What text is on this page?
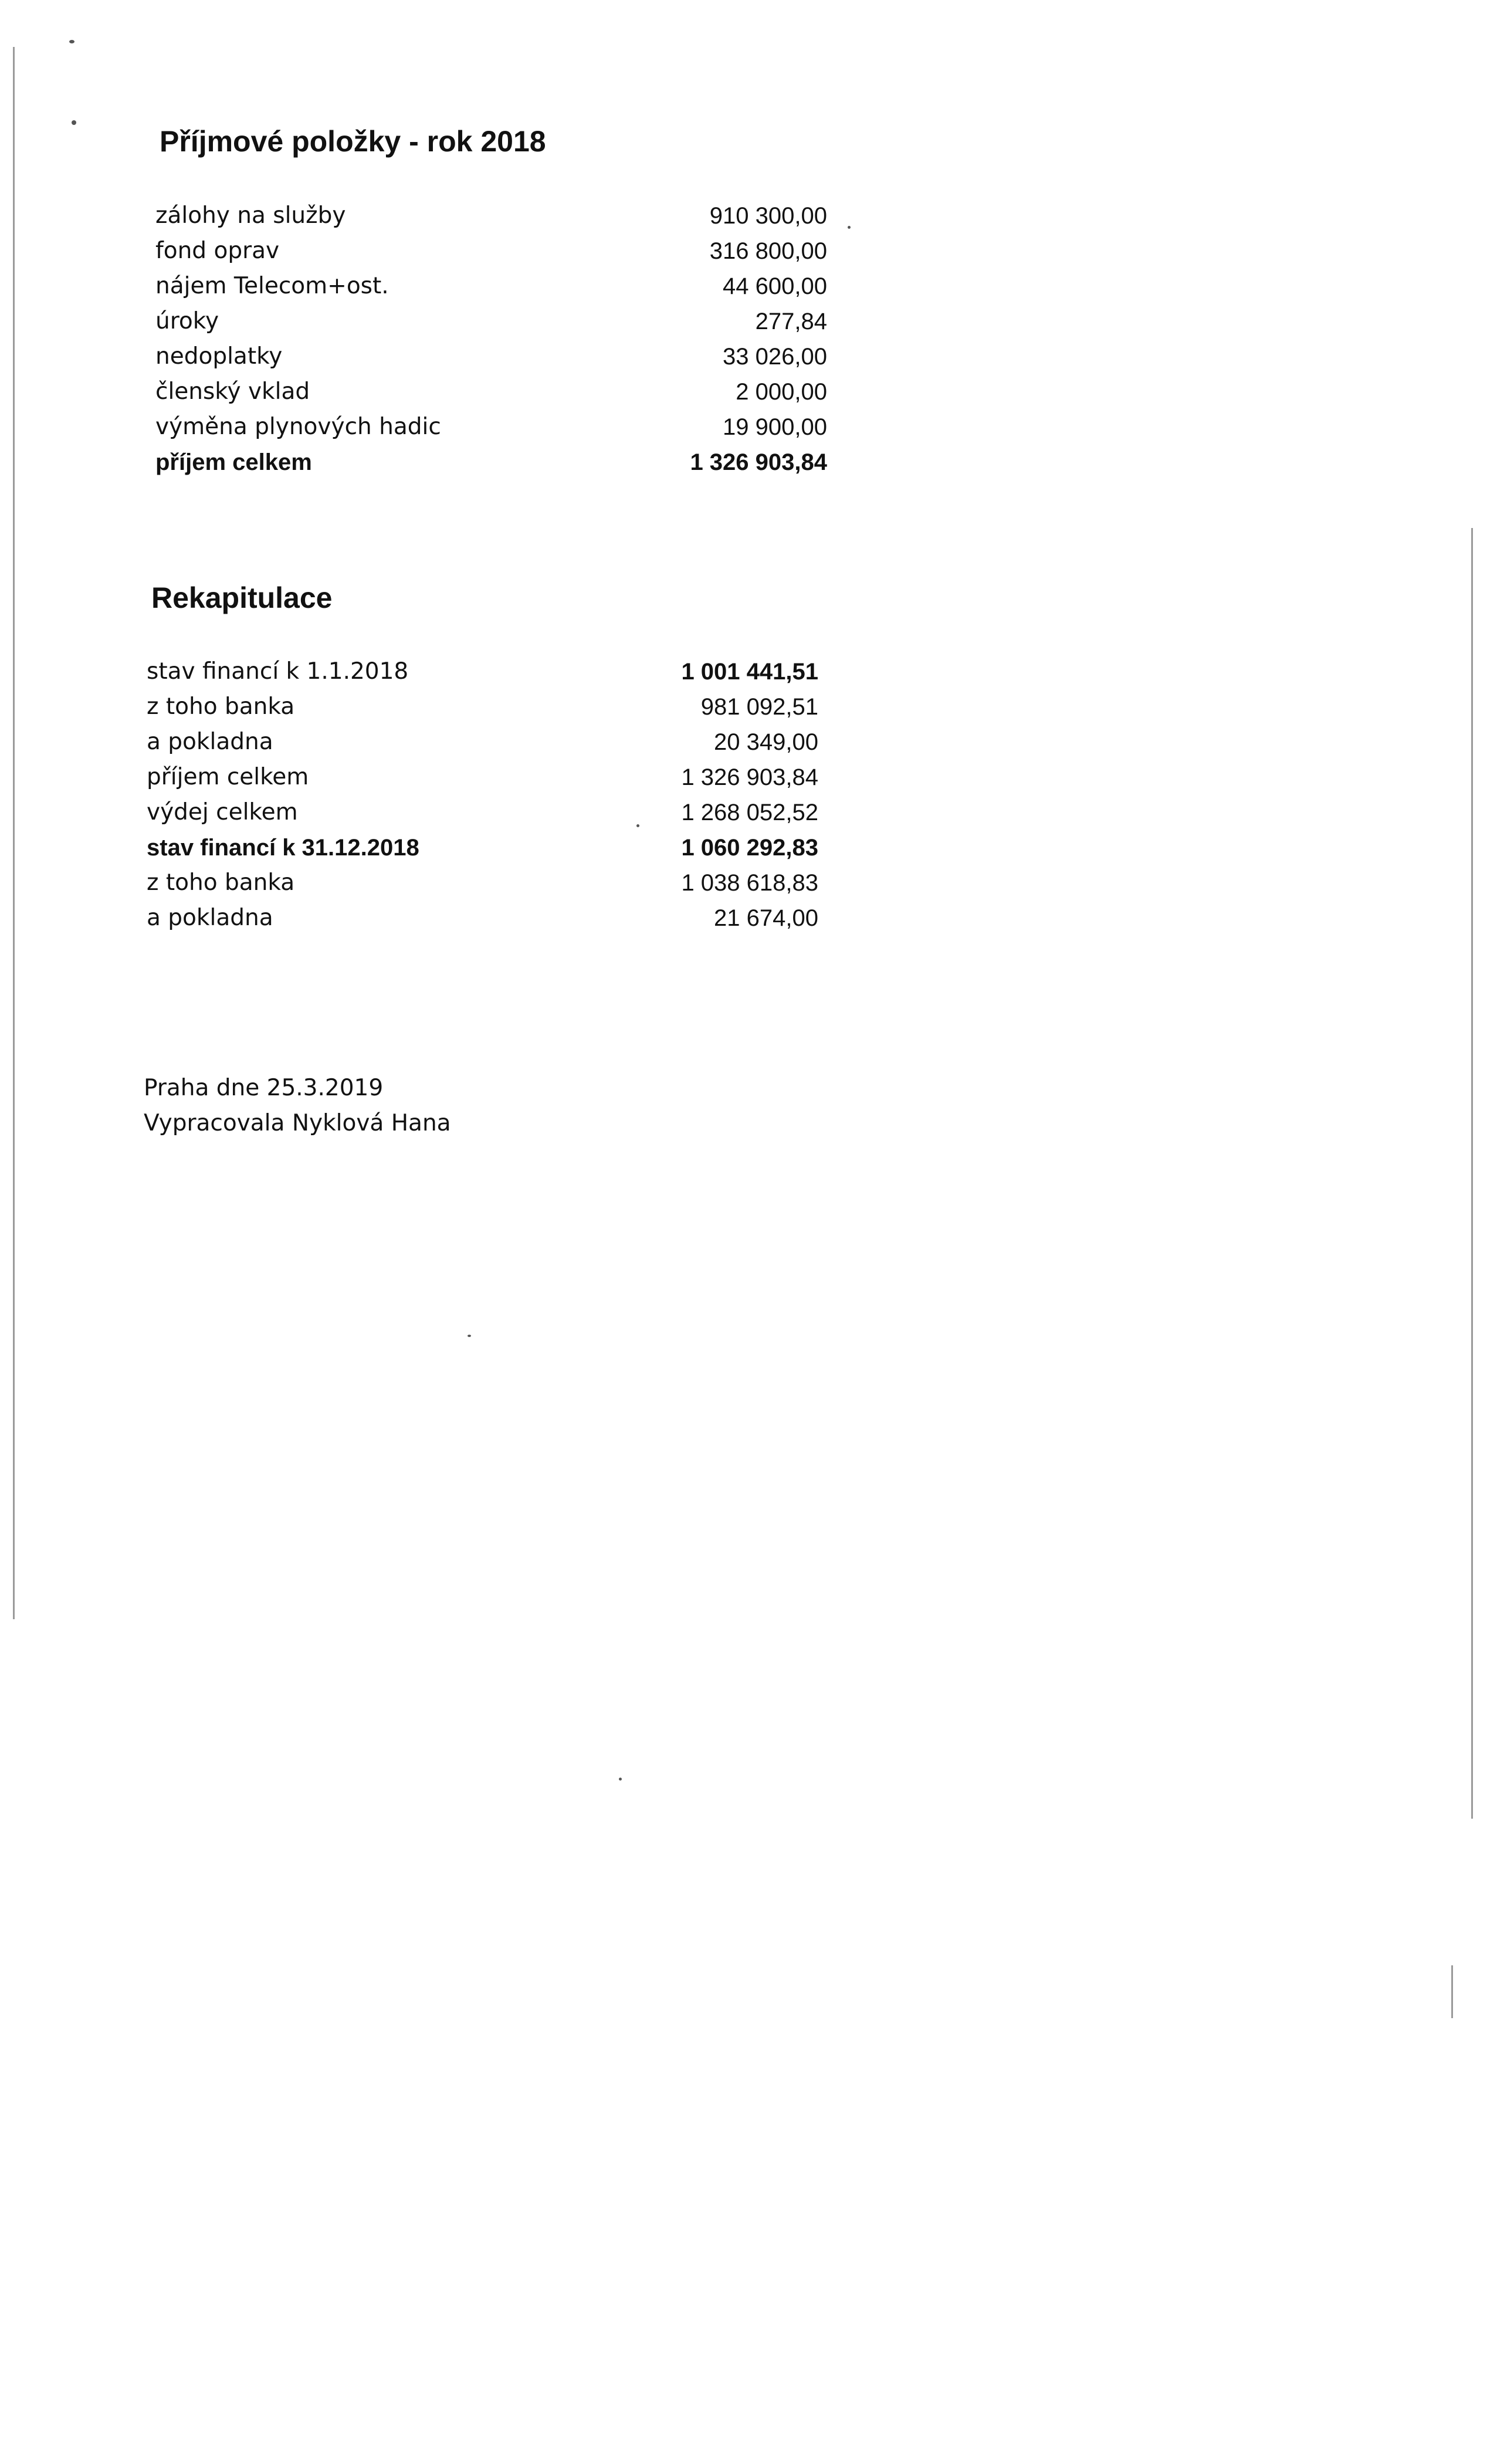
Příjmové položky - rok 2018
zálohy na služby	910 300,00
fond oprav	316 800,00
nájem Telecom+ost.	44 600,00
úroky	277,84
nedoplatky	33 026,00
členský vklad	2 000,00
výměna plynových hadic	19 900,00
příjem celkem	1 326 903,84
Rekapitulace
stav financí k 1.1.2018	1 001 441,51
z toho banka	981 092,51
a pokladna	20 349,00
příjem celkem	1 326 903,84
výdej celkem	1 268 052,52
stav financí k 31.12.2018	1 060 292,83
z toho banka	1 038 618,83
a pokladna	21 674,00
Praha dne 25.3.2019
Vypracovala Nyklová Hana
